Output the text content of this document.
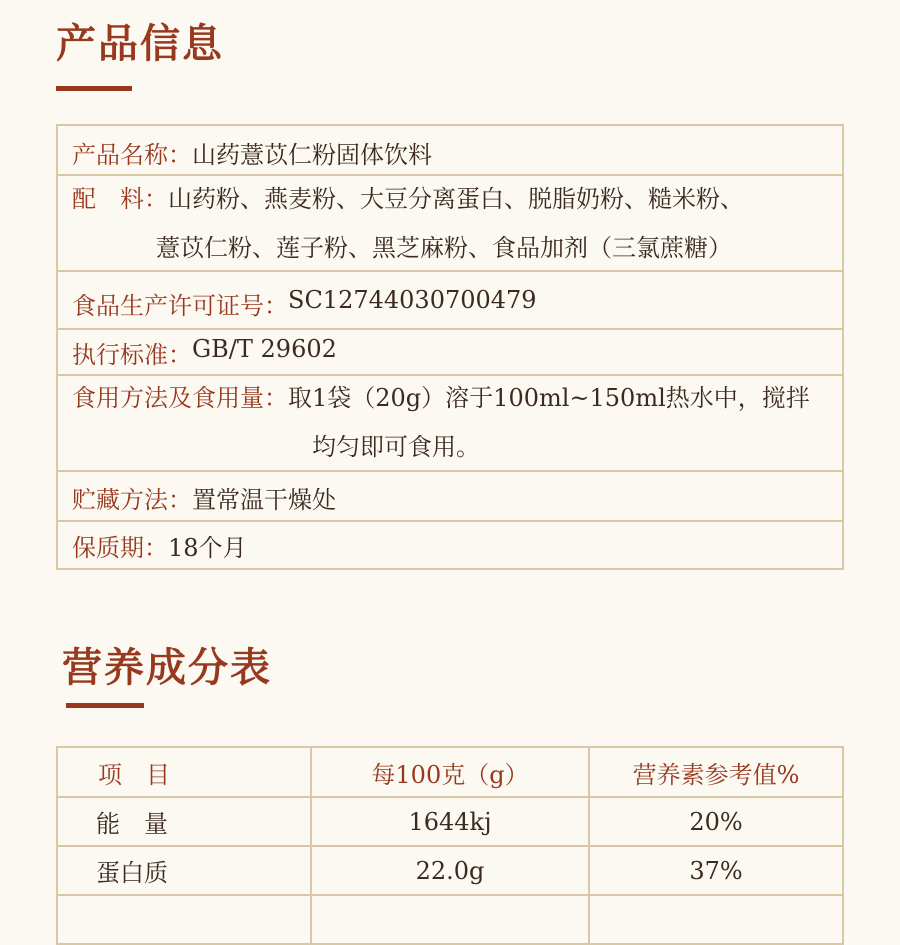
产品信息
产品名称： 山药薏苡仁粉固体饮料
配　料：山药粉、燕麦粉、大豆分离蛋白、脱脂奶粉、糙米粉、
薏苡仁粉、莲子粉、黑芝麻粉、食品加剂（三氯蔗糖）
食品生产许可证号： SC12744030700479
执行标准： GB/T 29602
食用方法及食用量：取1袋（20g）溶于100ml~150ml热水中，搅拌
均匀即可食用。
贮藏方法： 置常温干燥处
保质期： 18个月
营养成分表
项目	每100克（g）	营养素参考值%
能　量	1644kj	20%
蛋白质	22.0g	37%
